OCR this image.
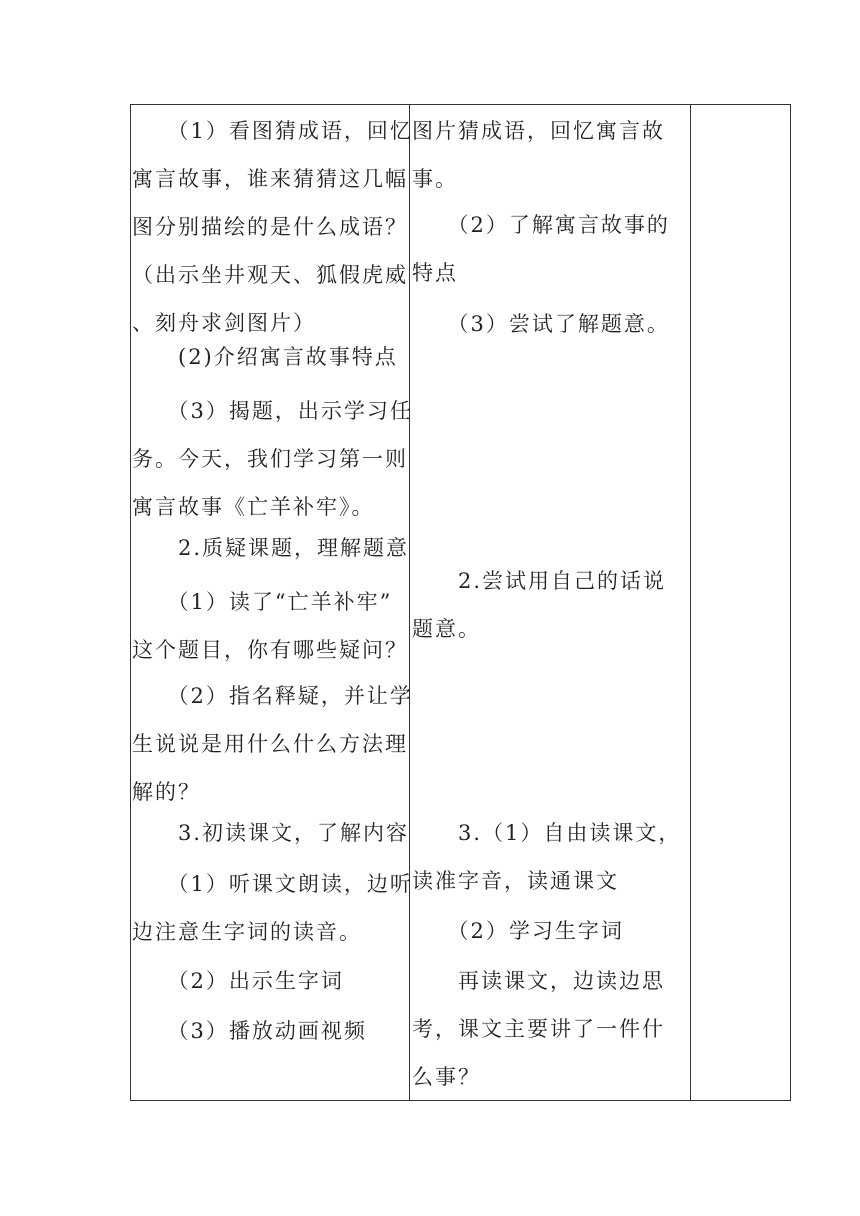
　　（1）看图猜成语，回忆
寓言故事，谁来猜猜这几幅
图分别描绘的是什么成语？
（出示坐井观天、狐假虎威
、刻舟求剑图片）
　　(2)介绍寓言故事特点
　　（3）揭题，出示学习任
务。今天，我们学习第一则
寓言故事《亡羊补牢》。
　　2.质疑课题，理解题意
　　（1）读了“亡羊补牢”
这个题目，你有哪些疑问？
　　（2）指名释疑，并让学
生说说是用什么什么方法理
解的？
　　3.初读课文，了解内容
　　（1）听课文朗读，边听
边注意生字词的读音。
　　（2）出示生字词
　　（3）播放动画视频
图片猜成语，回忆寓言故
事。
　　（2）了解寓言故事的
特点
　　（3）尝试了解题意。
　　2.尝试用自己的话说
题意。
　　3.（1）自由读课文，
读准字音，读通课文
　　（2）学习生字词
　　再读课文，边读边思
考，课文主要讲了一件什
么事？
